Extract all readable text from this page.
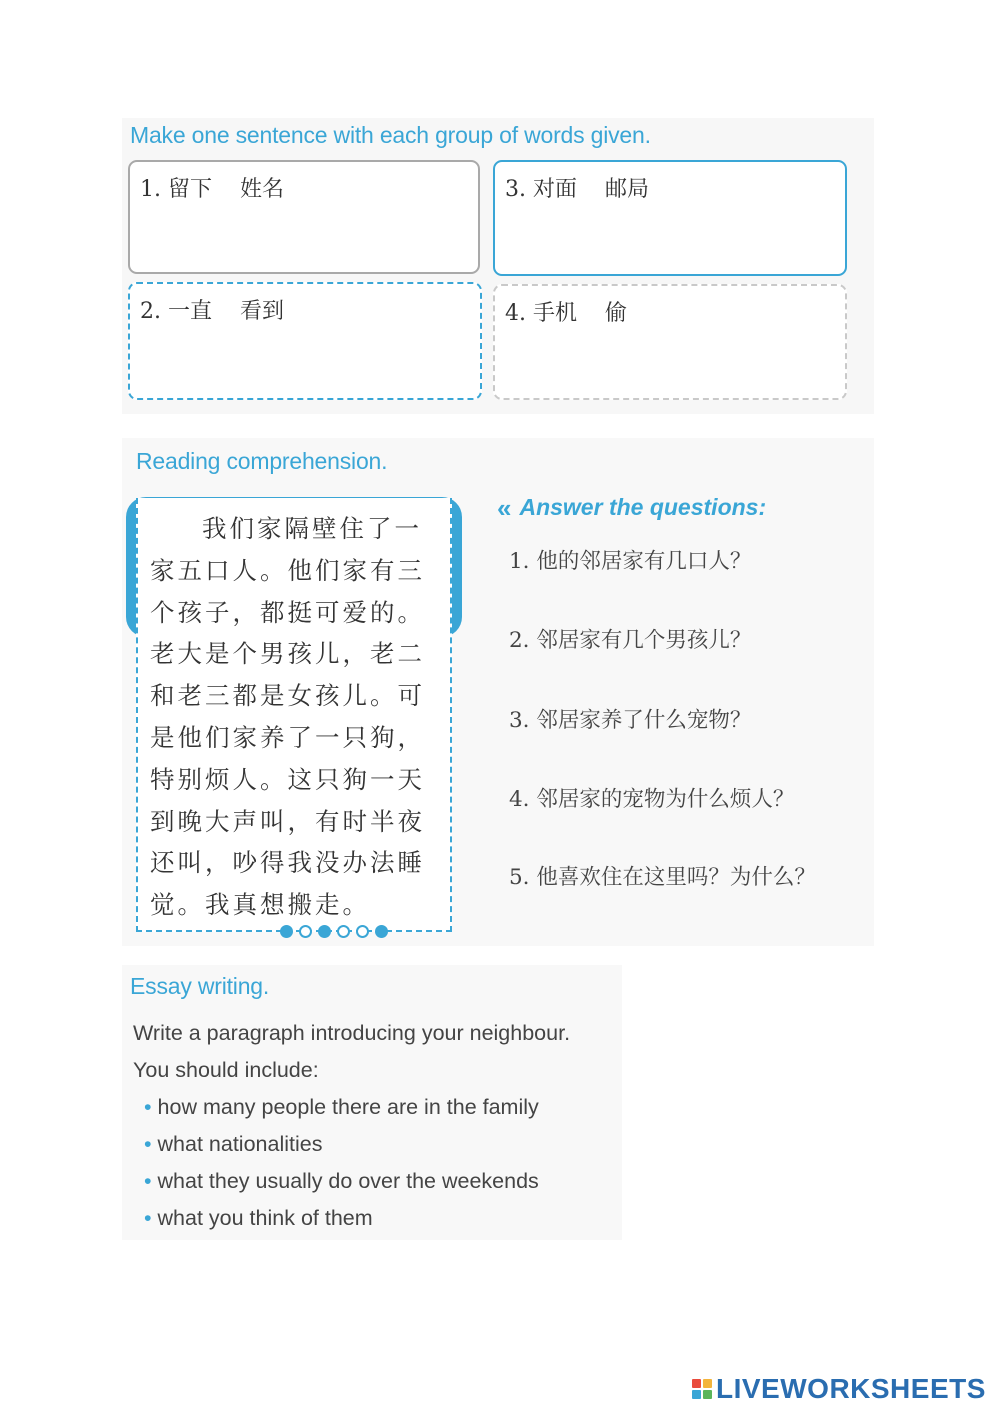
Make one sentence with each group of words given.
1. 留下    姓名	3. 对面    邮局
2. 一直    看到	4. 手机    偷
Reading comprehension.

我们家隔壁住了一家五口人。他们家有三个孩子，都挺可爱的。老大是个男孩儿，老二和老三都是女孩儿。可是他们家养了一只狗，特别烦人。这只狗一天到晚大声叫，有时半夜还叫，吵得我没办法睡觉。我真想搬走。

« Answer the questions:

1. 他的邻居家有几口人？

2. 邻居家有几个男孩儿？

3. 邻居家养了什么宠物？

4. 邻居家的宠物为什么烦人？

5. 他喜欢住在这里吗？为什么？

Essay writing.

Write a paragraph introducing your neighbour.

You should include:

• how many people there are in the family

• what nationalities

• what they usually do over the weekends

• what you think of them

LIVEWORKSHEETS
